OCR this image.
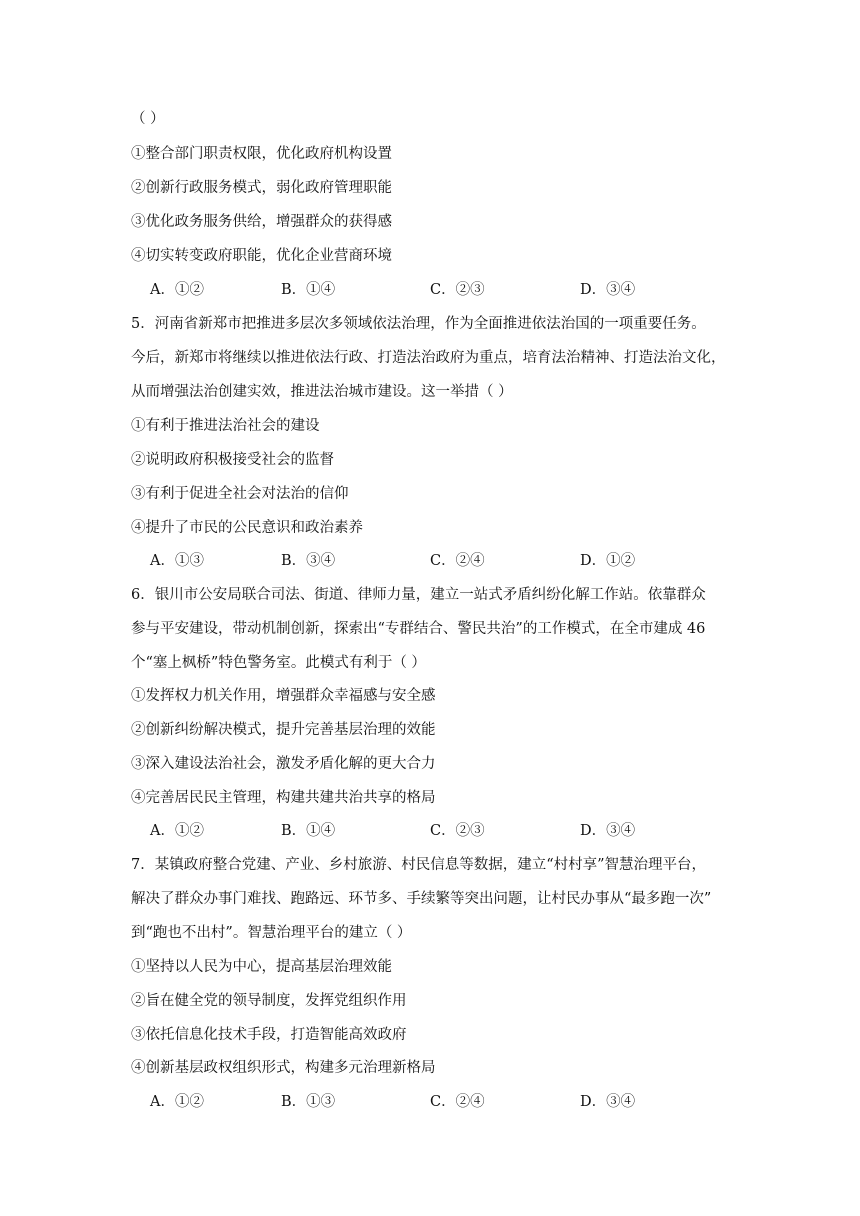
（ ）
①整合部门职责权限，优化政府机构设置
②创新行政服务模式，弱化政府管理职能
③优化政务服务供给，增强群众的获得感
④切实转变政府职能，优化企业营商环境
A．①②	B．①④	C．②③	D．③④
5．河南省新郑市把推进多层次多领域依法治理，作为全面推进依法治国的一项重要任务。
今后，新郑市将继续以推进依法行政、打造法治政府为重点，培育法治精神、打造法治文化，
从而增强法治创建实效，推进法治城市建设。这一举措（ ）
①有利于推进法治社会的建设
②说明政府积极接受社会的监督
③有利于促进全社会对法治的信仰
④提升了市民的公民意识和政治素养
A．①③	B．③④	C．②④	D．①②
6．银川市公安局联合司法、街道、律师力量，建立一站式矛盾纠纷化解工作站。依靠群众
参与平安建设，带动机制创新，探索出“专群结合、警民共治”的工作模式，在全市建成 46
个“塞上枫桥”特色警务室。此模式有利于（ ）
①发挥权力机关作用，增强群众幸福感与安全感
②创新纠纷解决模式，提升完善基层治理的效能
③深入建设法治社会，激发矛盾化解的更大合力
④完善居民民主管理，构建共建共治共享的格局
A．①②	B．①④	C．②③	D．③④
7．某镇政府整合党建、产业、乡村旅游、村民信息等数据，建立“村村享”智慧治理平台，
解决了群众办事门难找、跑路远、环节多、手续繁等突出问题，让村民办事从“最多跑一次”
到“跑也不出村”。智慧治理平台的建立（ ）
①坚持以人民为中心，提高基层治理效能
②旨在健全党的领导制度，发挥党组织作用
③依托信息化技术手段，打造智能高效政府
④创新基层政权组织形式，构建多元治理新格局
A．①②	B．①③	C．②④	D．③④
